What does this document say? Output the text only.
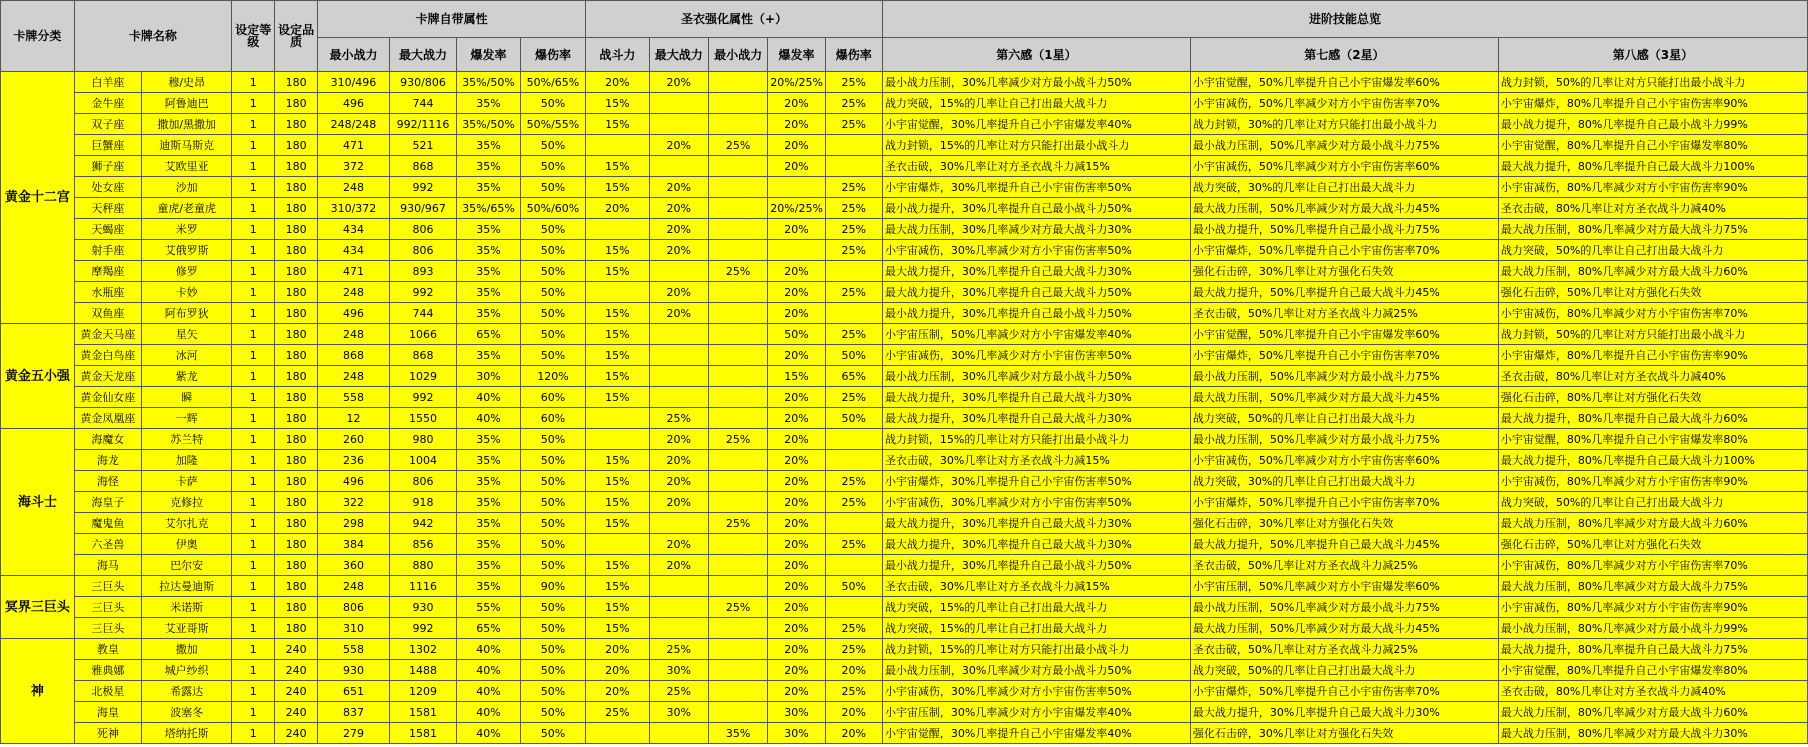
卡牌分类	卡牌名称		设定等级	设定品质	卡牌自带属性				圣衣强化属性（+）					进阶技能总览		
					最小战力	最大战力	爆发率	爆伤率	战斗力	最大战力	最小战力	爆发率	爆伤率	第六感（1星）	第七感（2星）	第八感（3星）
黄金十二宫	白羊座	穆/史昂	1	180	310/496	930/806	35%/50%	50%/65%	20%	20%		20%/25%	25%	最小战力压制，30%几率减少对方最小战斗力50%	小宇宙觉醒，50%几率提升自己小宇宙爆发率60%	战力封锁，50%的几率让对方只能打出最小战斗力
	金牛座	阿鲁迪巴	1	180	496	744	35%	50%	15%			20%	25%	战力突破，15%的几率让自己打出最大战斗力	小宇宙减伤，50%几率减少对方小宇宙伤害率70%	小宇宙爆炸，80%几率提升自己小宇宙伤害率90%
	双子座	撒加/黑撒加	1	180	248/248	992/1116	35%/50%	50%/55%	15%			20%	25%	小宇宙觉醒，30%几率提升自己小宇宙爆发率40%	战力封锁，30%的几率让对方只能打出最小战斗力	最小战力提升，80%几率提升自己最小战斗力99%
	巨蟹座	迪斯马斯克	1	180	471	521	35%	50%		20%	25%	20%		战力封锁，15%的几率让对方只能打出最小战斗力	最小战力压制，50%几率减少对方最小战斗力75%	小宇宙觉醒，80%几率提升自己小宇宙爆发率80%
	狮子座	艾欧里亚	1	180	372	868	35%	50%	15%			20%		圣衣击破，30%几率让对方圣衣战斗力减15%	小宇宙减伤，50%几率减少对方小宇宙伤害率60%	最大战力提升，80%几率提升自己最大战斗力100%
	处女座	沙加	1	180	248	992	35%	50%	15%	20%			25%	小宇宙爆炸，30%几率提升自己小宇宙伤害率50%	战力突破，30%的几率让自己打出最大战斗力	小宇宙减伤，80%几率减少对方小宇宙伤害率90%
	天秤座	童虎/老童虎	1	180	310/372	930/967	35%/65%	50%/60%	20%	20%		20%/25%	25%	最小战力提升，30%几率提升自己最小战斗力50%	最大战力压制，50%几率减少对方最大战斗力45%	圣衣击破，80%几率让对方圣衣战斗力减40%
	天蝎座	米罗	1	180	434	806	35%	50%		20%		20%	25%	最大战力压制，30%几率减少对方最大战斗力30%	最小战力提升，50%几率提升自己最小战斗力75%	最大战力压制，80%几率减少对方最大战斗力75%
	射手座	艾俄罗斯	1	180	434	806	35%	50%	15%	20%			25%	小宇宙减伤，30%几率减少对方小宇宙伤害率50%	小宇宙爆炸，50%几率提升自己小宇宙伤害率70%	战力突破，50%的几率让自己打出最大战斗力
	摩羯座	修罗	1	180	471	893	35%	50%	15%		25%	20%		最大战力提升，30%几率提升自己最大战斗力30%	强化石击碎，30%几率让对方强化石失效	最大战力压制，80%几率减少对方最大战斗力60%
	水瓶座	卡妙	1	180	248	992	35%	50%		20%		20%	25%	最大战力提升，30%几率提升自己最大战斗力50%	最大战力提升，50%几率提升自己最大战斗力45%	强化石击碎，50%几率让对方强化石失效
	双鱼座	阿布罗狄	1	180	496	744	35%	50%	15%	20%		20%		最小战力提升，30%几率提升自己最小战斗力50%	圣衣击破，50%几率让对方圣衣战斗力减25%	小宇宙减伤，80%几率减少对方小宇宙伤害率70%
黄金五小强	黄金天马座	星矢	1	180	248	1066	65%	50%	15%			50%	25%	小宇宙压制，50%几率减少对方小宇宙爆发率40%	小宇宙觉醒，50%几率提升自己小宇宙爆发率60%	战力封锁，50%的几率让对方只能打出最小战斗力
	黄金白鸟座	冰河	1	180	868	868	35%	50%	15%			20%	50%	小宇宙减伤，30%几率减少对方小宇宙伤害率50%	小宇宙爆炸，50%几率提升自己小宇宙伤害率70%	小宇宙爆炸，80%几率提升自己小宇宙伤害率90%
	黄金天龙座	紫龙	1	180	248	1029	30%	120%	15%			15%	65%	最小战力压制，30%几率减少对方最小战斗力50%	最小战力压制，50%几率减少对方最小战斗力75%	圣衣击破，80%几率让对方圣衣战斗力减40%
	黄金仙女座	瞬	1	180	558	992	40%	60%	15%			20%	25%	最大战力提升，30%几率提升自己最大战斗力30%	最大战力压制，50%几率减少对方最大战斗力45%	强化石击碎，80%几率让对方强化石失效
	黄金凤凰座	一辉	1	180	12	1550	40%	60%		25%		20%	50%	最大战力提升，30%几率提升自己最大战斗力30%	战力突破，50%的几率让自己打出最大战斗力	最大战力提升，80%几率提升自己最大战斗力60%
海斗士	海魔女	苏兰特	1	180	260	980	35%	50%		20%	25%	20%		战力封锁，15%的几率让对方只能打出最小战斗力	最小战力压制，50%几率减少对方最小战斗力75%	小宇宙觉醒，80%几率提升自己小宇宙爆发率80%
	海龙	加隆	1	180	236	1004	35%	50%	15%	20%		20%		圣衣击破，30%几率让对方圣衣战斗力减15%	小宇宙减伤，50%几率减少对方小宇宙伤害率60%	最大战力提升，80%几率提升自己最大战斗力100%
	海怪	卡萨	1	180	496	806	35%	50%	15%	20%		20%	25%	小宇宙爆炸，30%几率提升自己小宇宙伤害率50%	战力突破，30%的几率让自己打出最大战斗力	小宇宙减伤，80%几率减少对方小宇宙伤害率90%
	海皇子	克修拉	1	180	322	918	35%	50%	15%	20%		20%	25%	小宇宙减伤，30%几率减少对方小宇宙伤害率50%	小宇宙爆炸，50%几率提升自己小宇宙伤害率70%	战力突破，50%的几率让自己打出最大战斗力
	魔鬼鱼	艾尔扎克	1	180	298	942	35%	50%	15%		25%	20%		最大战力提升，30%几率提升自己最大战斗力30%	强化石击碎，30%几率让对方强化石失效	最大战力压制，80%几率减少对方最大战斗力60%
	六圣兽	伊奥	1	180	384	856	35%	50%		20%		20%	25%	最大战力提升，30%几率提升自己最大战斗力30%	最大战力提升，50%几率提升自己最大战斗力45%	强化石击碎，50%几率让对方强化石失效
	海马	巴尔安	1	180	360	880	35%	50%	15%	20%		20%		最小战力提升，30%几率提升自己最小战斗力50%	圣衣击破，50%几率让对方圣衣战斗力减25%	小宇宙减伤，80%几率减少对方小宇宙伤害率70%
冥界三巨头	三巨头	拉达曼迪斯	1	180	248	1116	35%	90%	15%			20%	50%	圣衣击破，30%几率让对方圣衣战斗力减15%	小宇宙压制，50%几率减少对方小宇宙爆发率60%	最大战力压制，80%几率减少对方最大战斗力75%
	三巨头	米诺斯	1	180	806	930	55%	50%	15%		25%	20%		战力突破，15%的几率让自己打出最大战斗力	最小战力压制，50%几率减少对方最小战斗力75%	小宇宙减伤，80%几率减少对方小宇宙伤害率90%
	三巨头	艾亚哥斯	1	180	310	992	65%	50%	15%			20%	25%	战力突破，15%的几率让自己打出最大战斗力	最大战力压制，50%几率减少对方最大战斗力45%	最小战力压制，80%几率减少对方最小战斗力99%
神	教皇	撒加	1	240	558	1302	40%	50%	20%	25%		20%	25%	战力封锁，15%的几率让对方只能打出最小战斗力	圣衣击破，50%几率让对方圣衣战斗力减25%	最大战力提升，80%几率提升自己最大战斗力75%
	雅典娜	城户纱织	1	240	930	1488	40%	50%	20%	30%		20%	20%	最小战力压制，30%几率减少对方最小战斗力50%	战力突破，50%的几率让自己打出最大战斗力	小宇宙觉醒，80%几率提升自己小宇宙爆发率80%
	北极星	希露达	1	240	651	1209	40%	50%	20%	25%		20%	25%	小宇宙减伤，30%几率减少对方小宇宙伤害率50%	小宇宙爆炸，50%几率提升自己小宇宙伤害率70%	圣衣击破，80%几率让对方圣衣战斗力减40%
	海皇	波塞冬	1	240	837	1581	40%	50%	25%	30%		30%	20%	小宇宙压制，30%几率减少对方小宇宙爆发率40%	最大战力提升，30%几率提升自己最大战斗力30%	最大战力压制，80%几率减少对方最大战斗力60%
	死神	塔纳托斯	1	240	279	1581	40%	50%			35%	30%	20%	小宇宙觉醒，30%几率提升自己小宇宙爆发率40%	强化石击碎，30%几率让对方强化石失效	最大战力压制，80%几率减少对方最大战斗力30%
